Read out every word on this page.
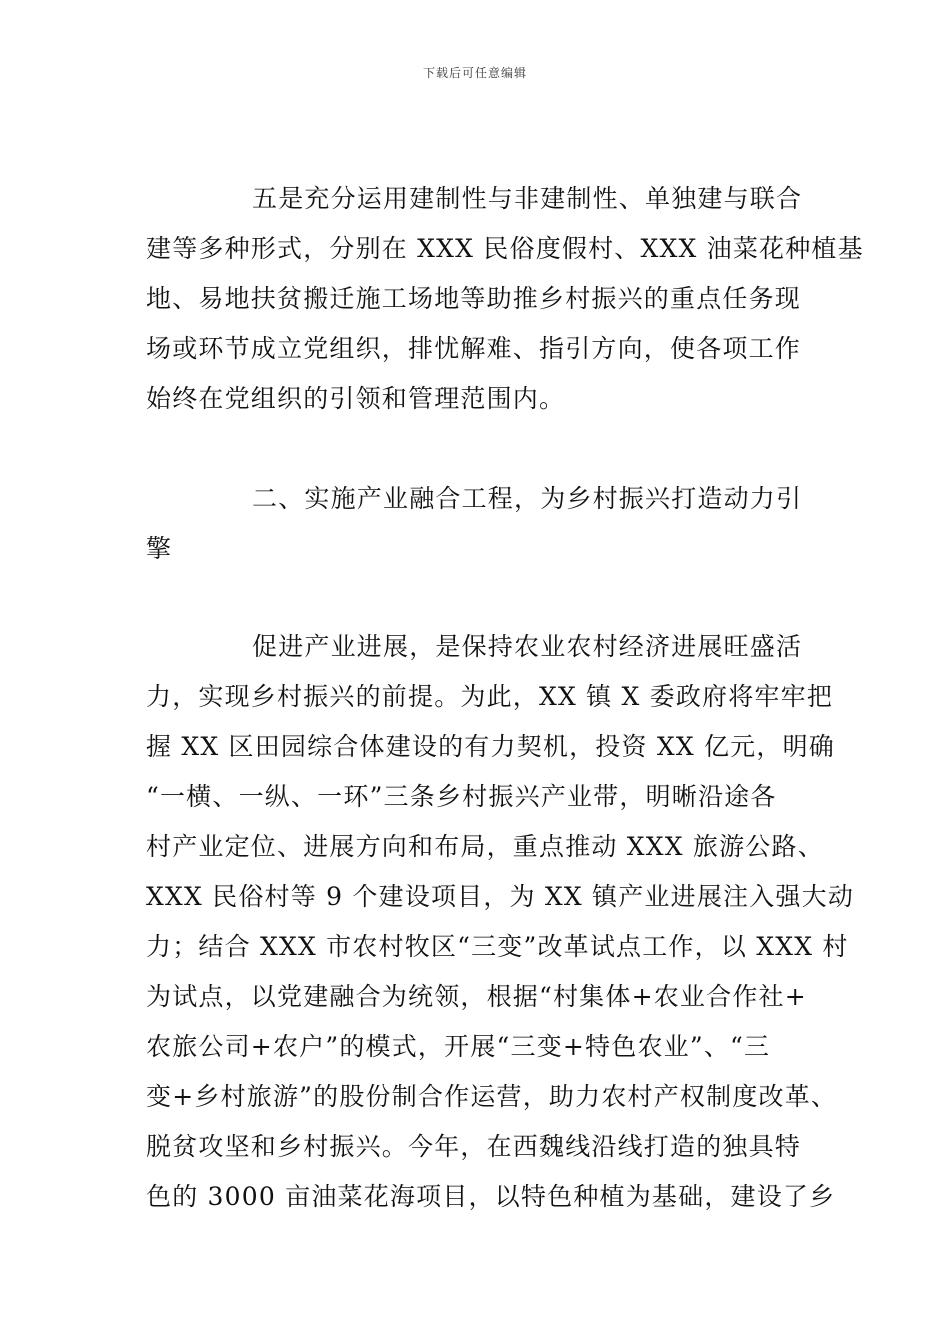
下载后可任意编辑
五是充分运用建制性与非建制性、单独建与联合
建等多种形式，分别在 XXX 民俗度假村、XXX 油菜花种植基
地、易地扶贫搬迁施工场地等助推乡村振兴的重点任务现
场或环节成立党组织，排忧解难、指引方向，使各项工作
始终在党组织的引领和管理范围内。
二、实施产业融合工程，为乡村振兴打造动力引
擎
促进产业进展，是保持农业农村经济进展旺盛活
力，实现乡村振兴的前提。为此，XX 镇 X 委政府将牢牢把
握 XX 区田园综合体建设的有力契机，投资 XX 亿元，明确
“一横、一纵、一环”三条乡村振兴产业带，明晰沿途各
村产业定位、进展方向和布局，重点推动 XXX 旅游公路、
XXX 民俗村等 9 个建设项目，为 XX 镇产业进展注入强大动
力；结合 XXX 市农村牧区“三变”改革试点工作，以 XXX 村
为试点，以党建融合为统领，根据“村集体+农业合作社+
农旅公司+农户”的模式，开展“三变+特色农业”、“三
变+乡村旅游”的股份制合作运营，助力农村产权制度改革、
脱贫攻坚和乡村振兴。今年，在西魏线沿线打造的独具特
色的 3000 亩油菜花海项目，以特色种植为基础，建设了乡
